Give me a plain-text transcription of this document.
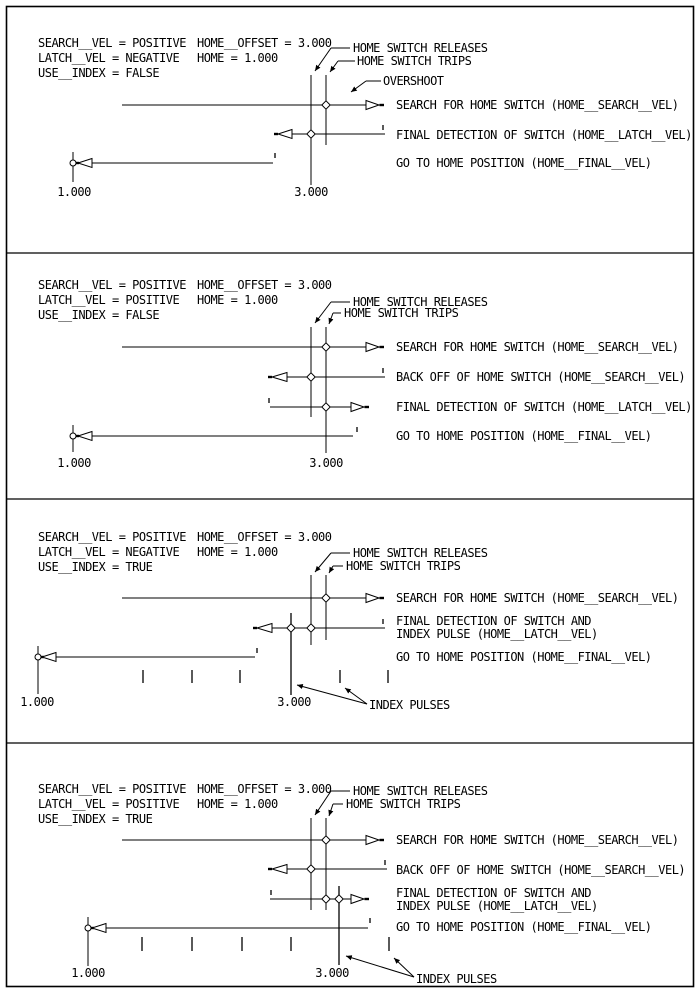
SEARCH__VEL = POSITIVE HOME__OFFSET = 3.000
LATCH__VEL = NEGATIVE HOME = 1.000
USE__INDEX = FALSE
HOME SWITCH RELEASES
HOME SWITCH TRIPS
OVERSHOOT
SEARCH FOR HOME SWITCH (HOME__SEARCH__VEL)
FINAL DETECTION OF SWITCH (HOME__LATCH__VEL)
GO TO HOME POSITION (HOME__FINAL__VEL)
1.000	3.000
SEARCH__VEL = POSITIVE HOME__OFFSET = 3.000
LATCH__VEL = POSITIVE HOME = 1.000
USE__INDEX = FALSE
HOME SWITCH RELEASES
HOME SWITCH TRIPS
SEARCH FOR HOME SWITCH (HOME__SEARCH__VEL)
BACK OFF OF HOME SWITCH (HOME__SEARCH__VEL)
FINAL DETECTION OF SWITCH (HOME__LATCH__VEL)
GO TO HOME POSITION (HOME__FINAL__VEL)
1.000	3.000
SEARCH__VEL = POSITIVE HOME__OFFSET = 3.000
LATCH__VEL = NEGATIVE HOME = 1.000
USE__INDEX = TRUE
HOME SWITCH RELEASES
HOME SWITCH TRIPS
SEARCH FOR HOME SWITCH (HOME__SEARCH__VEL)
FINAL DETECTION OF SWITCH AND
INDEX PULSE (HOME__LATCH__VEL)
GO TO HOME POSITION (HOME__FINAL__VEL)
1.000	3.000	INDEX PULSES
SEARCH__VEL = POSITIVE HOME__OFFSET = 3.000
LATCH__VEL = POSITIVE HOME = 1.000
USE__INDEX = TRUE
HOME SWITCH RELEASES
HOME SWITCH TRIPS
SEARCH FOR HOME SWITCH (HOME__SEARCH__VEL)
BACK OFF OF HOME SWITCH (HOME__SEARCH__VEL)
FINAL DETECTION OF SWITCH AND
INDEX PULSE (HOME__LATCH__VEL)
GO TO HOME POSITION (HOME__FINAL__VEL)
1.000	3.000	INDEX PULSES
